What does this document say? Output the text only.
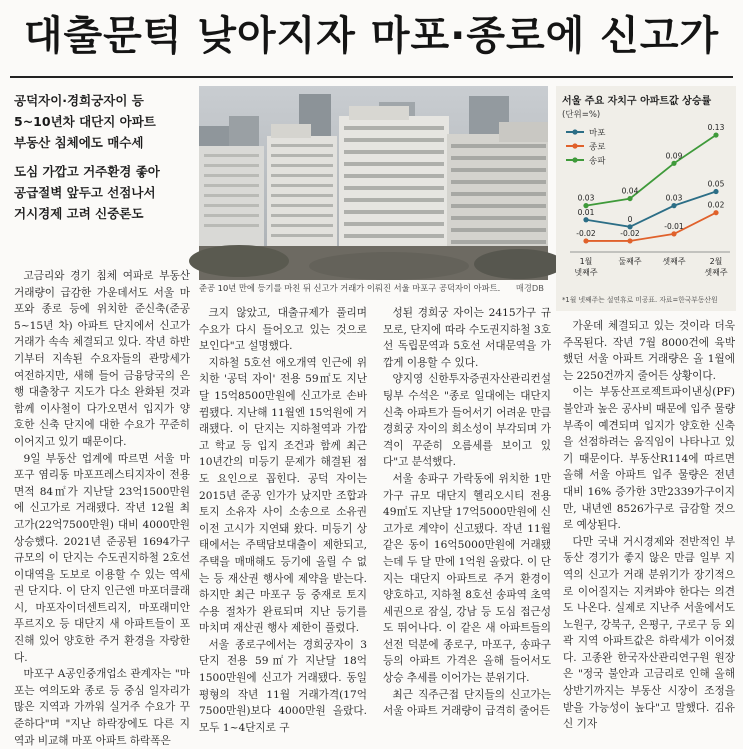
대출문턱 낮아지자 마포·종로에 신고가

공덕자이·경희궁자이 등

5~10년차 대단지 아파트

부동산 침체에도 매수세

도심 가깝고 거주환경 좋아

공급절벽 앞두고 선점나서

거시경제 고려 신중론도

준공 10년 만에 등기를 마친 뒤 신고가 거래가 이뤄진 서울 마포구 공덕자이 아파트. 매경DB
서울 주요 자치구 아파트값 상승률
(단위=%)
마포
종로
송파
0.01
0
0.03
0.05
-0.02	-0.02
-0.01
0.02
0.03
0.04
0.09
0.13
1월
넷째주
둘째주	셋째주	2월
셋째주
*1월 넷째주는 설연휴로 미공표. 자료=한국부동산원

고금리와 경기 침체 여파로 부동산 거래량이 급감한 가운데서도 서울 마포와 종로 등에 위치한 준신축(준공 5~15년 차) 아파트 단지에서 신고가 거래가 속속 체결되고 있다. 작년 하반기부터 지속된 수요자들의 관망세가 여전하지만, 새해 들어 금융당국의 은행 대출창구 지도가 다소 완화된 것과 함께 이사철이 다가오면서 입지가 양호한 신축 단지에 대한 수요가 꾸준히 이어지고 있기 때문이다.

9일 부동산 업계에 따르면 서울 마포구 염리동 마포프레스티지자이 전용면적 84㎡가 지난달 23억1500만원에 신고가로 거래됐다. 작년 12월 최고가(22억7500만원) 대비 4000만원 상승했다. 2021년 준공된 1694가구 규모의 이 단지는 수도권지하철 2호선 이대역을 도보로 이용할 수 있는 역세권 단지다. 이 단지 인근엔 마포더클래시, 마포자이더센트리지, 마포래미안푸르지오 등 대단지 새 아파트들이 포진해 있어 양호한 주거 환경을 자랑한다.

마포구 A공인중개업소 관계자는 "마포는 여의도와 종로 등 중심 일자리가 많은 지역과 가까워 실거주 수요가 꾸준하다"며 "지난 하락장에도 다른 지역과 비교해 마포 아파트 하락폭은

크지 않았고, 대출규제가 풀리며 수요가 다시 들어오고 있는 것으로 보인다"고 설명했다.

지하철 5호선 애오개역 인근에 위치한 '공덕 자이' 전용 59㎡도 지난달 15억8500만원에 신고가로 손바뀜됐다. 지난해 11월엔 15억원에 거래됐다. 이 단지는 지하철역과 가깝고 학교 등 입지 조건과 함께 최근 10년간의 미등기 문제가 해결된 점도 요인으로 꼽힌다. 공덕 자이는 2015년 준공 인가가 났지만 조합과 토지 소유자 사이 소송으로 소유권 이전 고시가 지연돼 왔다. 미등기 상태에서는 주택담보대출이 제한되고, 주택을 매매해도 등기에 올릴 수 없는 등 재산권 행사에 제약을 받는다. 하지만 최근 마포구 등 중재로 토지 수용 절차가 완료되며 지난 등기를 마치며 재산권 행사 제한이 풀렸다.

서울 종로구에서는 경희궁자이 3단지 전용 59㎡가 지난달 18억1500만원에 신고가 거래됐다. 동일 평형의 작년 11월 거래가격(17억7500만원)보다 4000만원 올랐다. 모두 1~4단지로 구

성된 경희궁 자이는 2415가구 규모로, 단지에 따라 수도권지하철 3호선 독립문역과 5호선 서대문역을 가깝게 이용할 수 있다.

양지영 신한투자증권자산관리컨설팅부 수석은 "종로 일대에는 대단지 신축 아파트가 들어서기 어려운 만큼 경희궁 자이의 희소성이 부각되며 가격이 꾸준히 오름세를 보이고 있다"고 분석했다.

서울 송파구 가락동에 위치한 1만가구 규모 대단지 헬리오시티 전용 49㎡도 지난달 17억5000만원에 신고가로 계약이 신고됐다. 작년 11월 같은 동이 16억5000만원에 거래됐는데 두 달 만에 1억원 올랐다. 이 단지는 대단지 아파트로 주거 환경이 양호하고, 지하철 8호선 송파역 초역세권으로 잠실, 강남 등 도심 접근성도 뛰어나다. 이 같은 새 아파트들의 선전 덕분에 종로구, 마포구, 송파구 등의 아파트 가격은 올해 들어서도 상승 추세를 이어가는 분위기다.

최근 직주근접 단지들의 신고가는 서울 아파트 거래량이 급격히 줄어든

가운데 체결되고 있는 것이라 더욱 주목된다. 작년 7월 8000건에 육박했던 서울 아파트 거래량은 올 1월에는 2250건까지 줄어든 상황이다.

이는 부동산프로젝트파이낸싱(PF) 불안과 높은 공사비 때문에 입주 물량 부족이 예견되며 입지가 양호한 신축을 선점하려는 움직임이 나타나고 있기 때문이다. 부동산R114에 따르면 올해 서울 아파트 입주 물량은 전년 대비 16% 증가한 3만2339가구이지만, 내년엔 8526가구로 급감할 것으로 예상된다.

다만 국내 거시경제와 전반적인 부동산 경기가 좋지 않은 만큼 일부 지역의 신고가 거래 분위기가 장기적으로 이어질지는 지켜봐야 한다는 의견도 나온다. 실제로 지난주 서울에서도 노원구, 강북구, 은평구, 구로구 등 외곽 지역 아파트값은 하락세가 이어졌다. 고종완 한국자산관리연구원 원장은 "정국 불안과 고금리로 인해 올해 상반기까지는 부동산 시장이 조정을 받을 가능성이 높다"고 말했다. 김유신 기자
